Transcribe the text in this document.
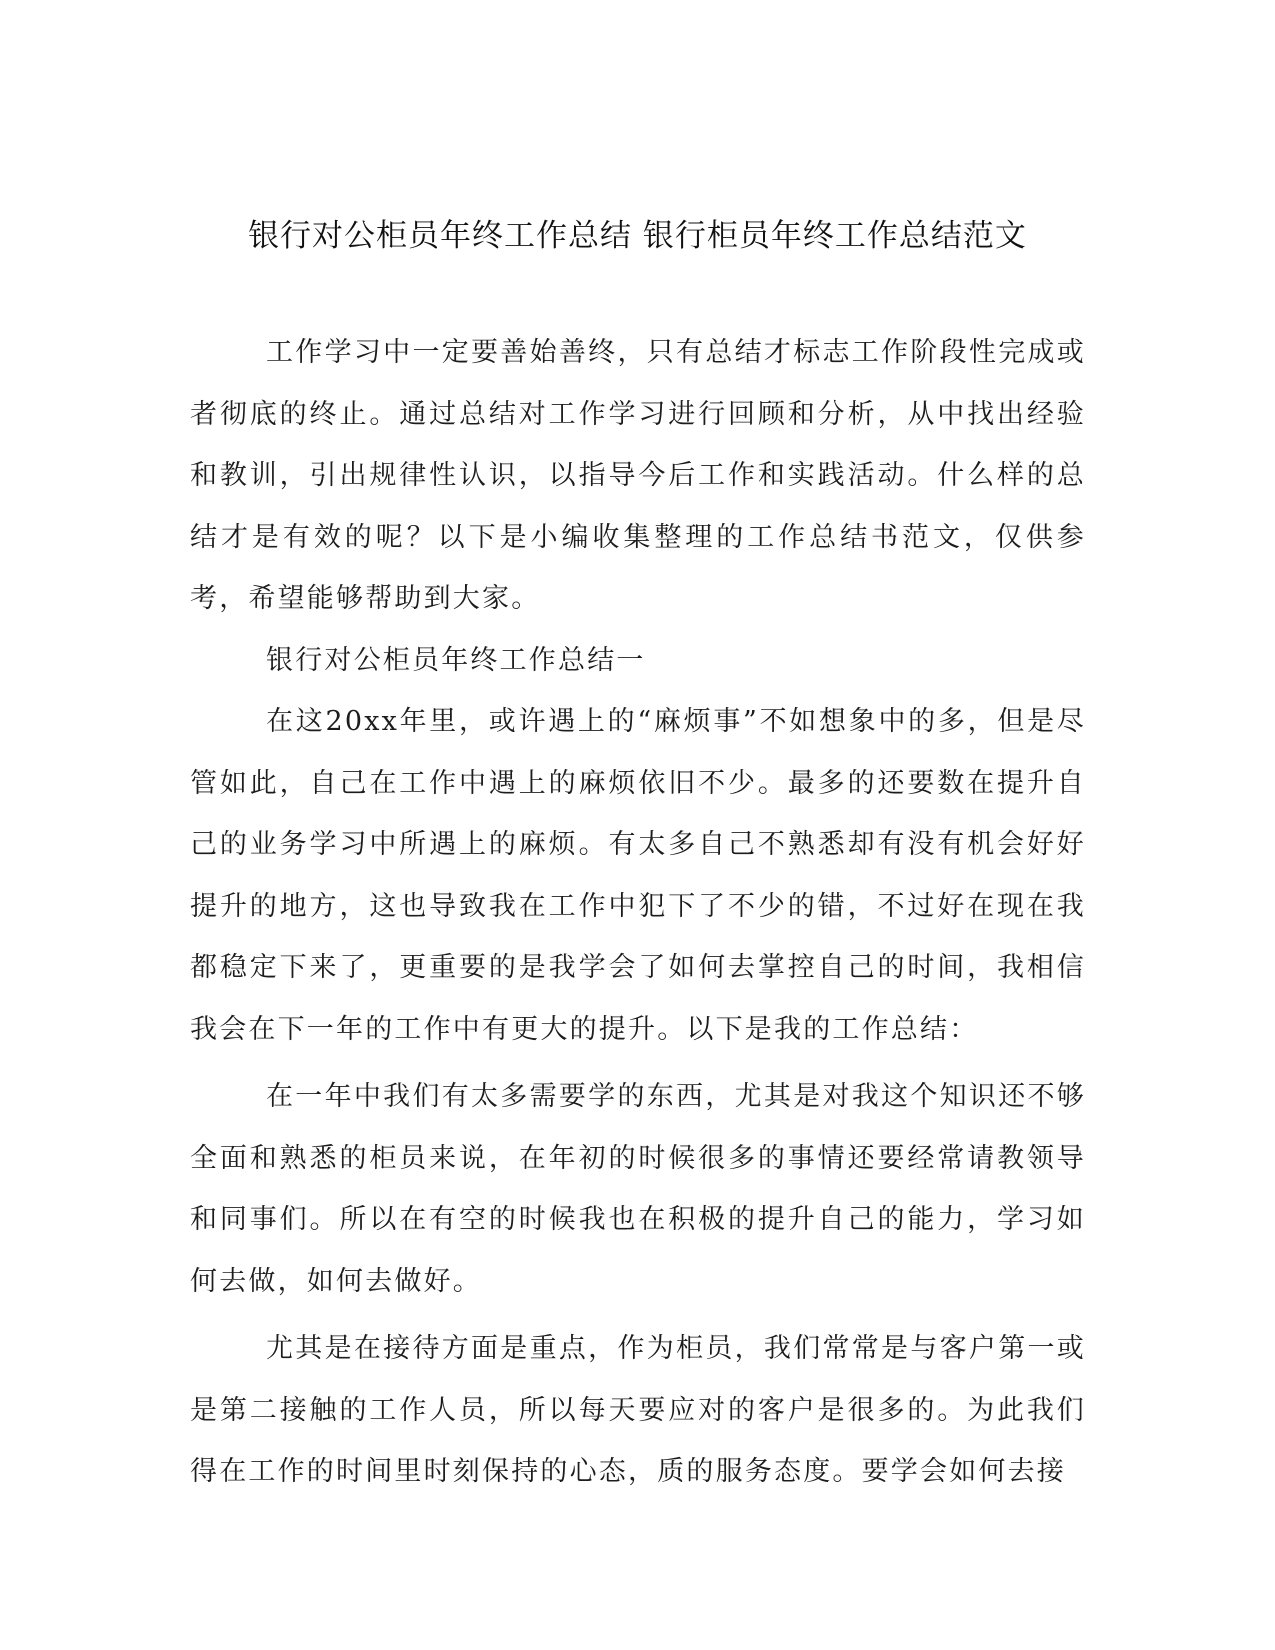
银行对公柜员年终工作总结 银行柜员年终工作总结范文

工作学习中一定要善始善终，只有总结才标志工作阶段性完成或者彻底的终止。通过总结对工作学习进行回顾和分析，从中找出经验和教训，引出规律性认识，以指导今后工作和实践活动。什么样的总结才是有效的呢？以下是小编收集整理的工作总结书范文，仅供参考，希望能够帮助到大家。

银行对公柜员年终工作总结一

在这20xx年里，或许遇上的“麻烦事”不如想象中的多，但是尽管如此，自己在工作中遇上的麻烦依旧不少。最多的还要数在提升自己的业务学习中所遇上的麻烦。有太多自己不熟悉却有没有机会好好提升的地方，这也导致我在工作中犯下了不少的错，不过好在现在我都稳定下来了，更重要的是我学会了如何去掌控自己的时间，我相信我会在下一年的工作中有更大的提升。以下是我的工作总结：

在一年中我们有太多需要学的东西，尤其是对我这个知识还不够全面和熟悉的柜员来说，在年初的时候很多的事情还要经常请教领导和同事们。所以在有空的时候我也在积极的提升自己的能力，学习如何去做，如何去做好。

尤其是在接待方面是重点，作为柜员，我们常常是与客户第一或是第二接触的工作人员，所以每天要应对的客户是很多的。为此我们得在工作的时间里时刻保持的心态，质的服务态度。要学会如何去接
